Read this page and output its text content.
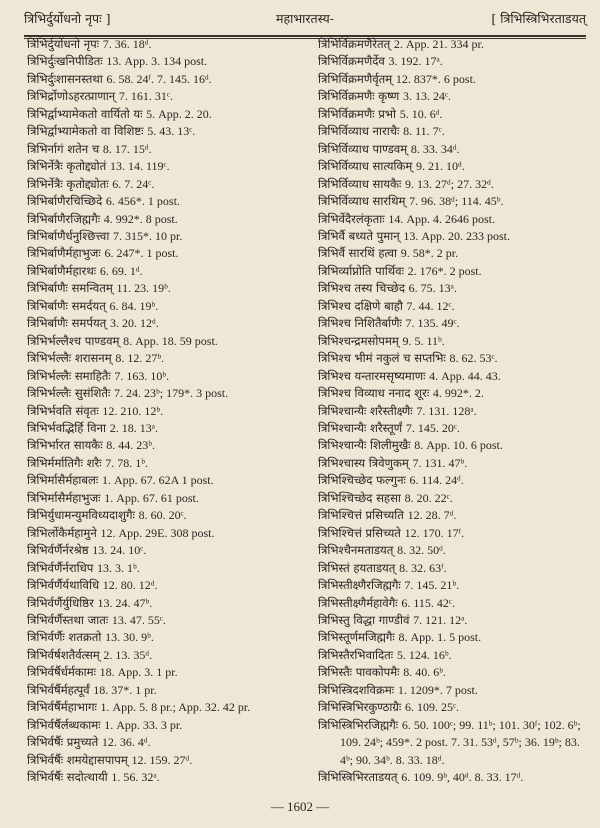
त्रिभिर्दुर्योधनो नृपः ]	महाभारतस्य-	[ त्रिभिस्त्रिभिरताडयत्
त्रिभिर्दुर्योधनो नृपः 7. 36. 18ᵈ.
त्रिभिर्दुःखनिपीडितः 13. App. 3. 134 post.
त्रिभिर्दुःशासनस्तथा 6. 58. 24ᶠ. 7. 145. 16ᵈ.
त्रिभिर्द्रोणोऽहरत्प्राणान् 7. 161. 31ᶜ.
त्रिभिर्द्वाभ्यामेकतो वार्यितो यः 5. App. 2. 20.
त्रिभिर्द्वाभ्यामेकतो वा विशिष्टः 5. 43. 13ᶜ.
त्रिभिर्नागं शतेन च 8. 17. 15ᵈ.
त्रिभिर्नेत्रैः कृतोद्द्योतं 13. 14. 119ᶜ.
त्रिभिर्नेत्रैः कृतोद्द्योतः 6. 7. 24ᶜ.
त्रिभिर्बाणैरचिच्छिदे 6. 456*. 1 post.
त्रिभिर्बाणैरजिह्मगैः 4. 992*. 8 post.
त्रिभिर्बाणैर्धनुश्छित्त्वा 7. 315*. 10 pr.
त्रिभिर्बाणैर्महाभुजः 6. 247*. 1 post.
त्रिभिर्बाणैर्महारथः 6. 69. 1ᵈ.
त्रिभिर्बाणैः समन्वितम् 11. 23. 19ᵇ.
त्रिभिर्बाणैः समर्दयत् 6. 84. 19ᵇ.
त्रिभिर्बाणैः समर्पयत् 3. 20. 12ᵈ.
त्रिभिर्भल्लैश्च पाण्डवम् 8. App. 18. 59 post.
त्रिभिर्भल्लैः शरासनम् 8. 12. 27ᵇ.
त्रिभिर्भल्लैः समाहितैः 7. 163. 10ᵇ.
त्रिभिर्भल्लैः सुसंशितैः 7. 24. 23ᵇ; 179*. 3 post.
त्रिभिर्भवति संवृतः 12. 210. 12ᵇ.
त्रिभिर्भवद्भिर्हि विना 2. 18. 13ᵃ.
त्रिभिर्भारत सायकैः 8. 44. 23ᵇ.
त्रिभिर्मर्मातिगैः शरैः 7. 78. 1ᵇ.
त्रिभिर्मासैर्महाबलः 1. App. 67. 62A 1 post.
त्रिभिर्मासैर्महाभुजः 1. App. 67. 61 post.
त्रिभिर्युधामन्युमविध्यदाशुगैः 8. 60. 20ᶜ.
त्रिभिर्लोकैर्महामुने 12. App. 29E. 308 post.
त्रिभिर्वर्णैर्नरश्रेष्ठ 13. 24. 10ᶜ.
त्रिभिर्वर्णैर्नराधिप 13. 3. 1ᵇ.
त्रिभिर्वर्णैर्यथाविधि 12. 80. 12ᵈ.
त्रिभिर्वर्णैर्युधिष्ठिर 13. 24. 47ᵇ.
त्रिभिर्वर्णैस्तथा जातः 13. 47. 55ᶜ.
त्रिभिर्वर्णैः शतक्रतो 13. 30. 9ᵇ.
त्रिभिर्वर्षशतैर्वत्सम् 2. 13. 35ᵈ.
त्रिभिर्वर्षैर्धर्मकामः 18. App. 3. 1 pr.
त्रिभिर्वर्षैर्महत्पूर्वं 18. 37*. 1 pr.
त्रिभिर्वर्षैर्महाभागः 1. App. 5. 8 pr.; App. 32. 42 pr.
त्रिभिर्वर्षैर्लब्धकामः 1. App. 33. 3 pr.
त्रिभिर्वर्षैः प्रमुच्यते 12. 36. 4ᵈ.
त्रिभिर्वर्षैः शमयेद्दासपापम् 12. 159. 27ᵈ.
त्रिभिर्वर्षैः सदोत्थायी 1. 56. 32ᵃ.
त्रिभिर्विक्रमणैरेतत् 2. App. 21. 334 pr.
त्रिभिर्विक्रमणैर्देव 3. 192. 17ᵃ.
त्रिभिर्विक्रमणैर्वृतम् 12. 837*. 6 post.
त्रिभिर्विक्रमणैः कृष्ण 3. 13. 24ᶜ.
त्रिभिर्विक्रमणैः प्रभो 5. 10. 6ᵈ.
त्रिभिर्विव्याध नाराचैः 8. 11. 7ᶜ.
त्रिभिर्विव्याध पाण्डवम् 8. 33. 34ᵈ.
त्रिभिर्विव्याध सात्यकिम् 9. 21. 10ᵈ.
त्रिभिर्विव्याध सायकैः 9. 13. 27ᵈ; 27. 32ᵈ.
त्रिभिर्विव्याध सारथिम् 7. 96. 38ᵈ; 114. 45ᵇ.
त्रिभिर्वेदैरलंकृताः 14. App. 4. 2646 post.
त्रिभिर्वै बध्यते पुमान् 13. App. 20. 233 post.
त्रिभिर्वै सारथिं हत्वा 9. 58*. 2 pr.
त्रिभिर्व्याप्नोति पार्थिवः 2. 176*. 2 post.
त्रिभिश्च तस्य चिच्छेद 6. 75. 13ᵃ.
त्रिभिश्च दक्षिणे बाहौ 7. 44. 12ᶜ.
त्रिभिश्च निशितैर्बाणैः 7. 135. 49ᶜ.
त्रिभिश्चन्द्रमसोपमम् 9. 5. 11ᵇ.
त्रिभिश्च भीमं नकुलं च सप्तभिः 8. 62. 53ᶜ.
त्रिभिश्च यन्तारमसृष्यमाणः 4. App. 44. 43.
त्रिभिश्च विव्याध ननाद शूरः 4. 992*. 2.
त्रिभिश्चान्यैः शरैस्तीक्ष्णैः 7. 131. 128ᵃ.
त्रिभिश्चान्यैः शरैस्तूर्णं 7. 145. 20ᶜ.
त्रिभिश्चान्यैः शिलीमुखैः 8. App. 10. 6 post.
त्रिभिश्चास्य त्रिवेणुकम् 7. 131. 47ᵇ.
त्रिभिश्चिच्छेद फल्गुनः 6. 114. 24ᵈ.
त्रिभिश्चिच्छेद सहसा 8. 20. 22ᶜ.
त्रिभिश्चित्तं प्रसिच्यति 12. 28. 7ᵈ.
त्रिभिश्चित्तं प्रसिच्यते 12. 170. 17ᶠ.
त्रिभिश्चैनमताडयत् 8. 32. 50ᵈ.
त्रिभिस्तं हयताडयत् 8. 32. 63ᶠ.
त्रिभिस्तीक्ष्णैरजिह्मगैः 7. 145. 21ᵇ.
त्रिभिस्तीक्ष्णैर्महावेगैः 6. 115. 42ᶜ.
त्रिभिस्तु विद्धा गाण्डीवं 7. 121. 12ᵃ.
त्रिभिस्तूर्णमजिह्मगैः 8. App. 1. 5 post.
त्रिभिस्तैरभिवादितः 5. 124. 16ᵇ.
त्रिभिस्तैः पावकोपमैः 8. 40. 6ᵇ.
त्रिभिस्त्रिदशविक्रमः 1. 1209*. 7 post.
त्रिभिस्त्रिभिरकुण्ठाग्रैः 6. 109. 25ᶜ.
त्रिभिस्त्रिभिरजिह्मगैः 6. 50. 100ᶜ; 99. 11ᵇ; 101. 30ᶠ; 102. 6ᵇ; 109. 24ᵇ; 459*. 2 post. 7. 31. 53ᵈ, 57ᵇ; 36. 19ᵇ; 83. 4ᵇ; 90. 34ᵇ. 8. 33. 18ᵈ.
त्रिभिस्त्रिभिरताडयत् 6. 109. 9ᵇ, 40ᵈ. 8. 33. 17ᵈ.
— 1602 —
